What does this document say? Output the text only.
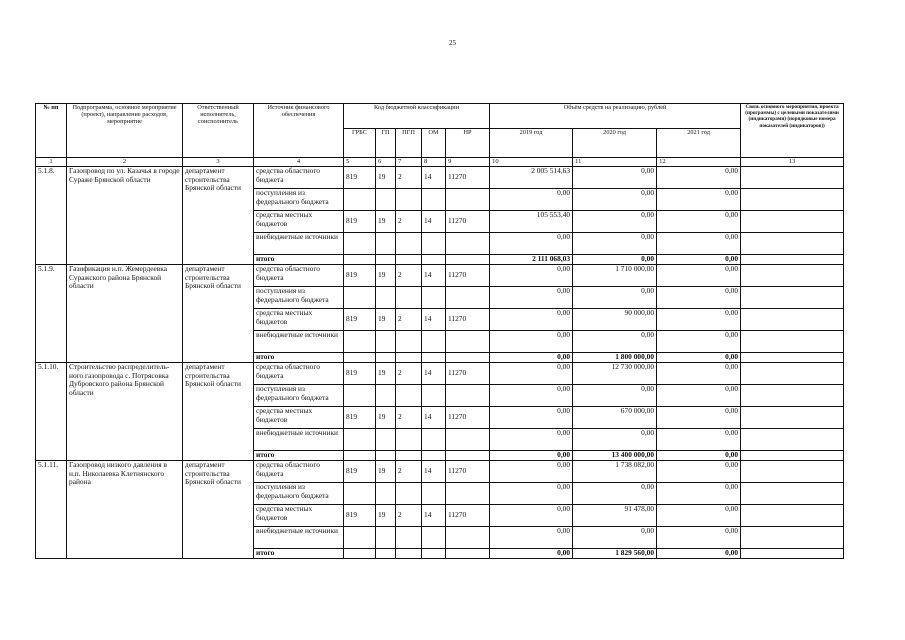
25
№ пп	Подпрограмма, основное мероприятие (проект), направление расходов, мероприятие	Ответственный исполнитель, соисполнитель	Источник финансового обеспечения	Код бюджетной классификации					Объём средств на реализацию, рублей			Связь основного мероприятия, проекта (программы) с целевыми показателями (индикаторами) (порядковые номера показателей (индикаторов))
				ГРБС	ГП	ПГП	ОМ	НР	2019 год	2020 год	2021 год	
1	2	3	4	5	6	7	8	9	10	11	12	13
5.1.8.	Газопровод по ул. Казачья в городе Сураже Брянской области	департамент строительства Брянской области	средства областного бюджета	819	19	2	14	11270	2 005 514,63	0,00	0,00	
			поступления из федерального бюджета						0,00	0,00	0,00	
			средства местных бюджетов	819	19	2	14	11270	105 553,40	0,00	0,00	
			внебюджетные источники						0,00	0,00	0,00	
			итого						2 111 068,03	0,00	0,00	
5.1.9.	Газификация н.п. Жемердеевка Суражского района Брянской области	департамент строительства Брянской области	средства областного бюджета	819	19	2	14	11270	0,00	1 710 000,00	0,00	
			поступления из федерального бюджета						0,00	0,00	0,00	
			средства местных бюджетов	819	19	2	14	11270	0,00	90 000,00	0,00	
			внебюджетные источники						0,00	0,00	0,00	
			итого						0,00	1 800 000,00	0,00	
5.1.10.	Строительство распределитель-ного газопровода с. Потрясовка Дубровского района Брянской области	департамент строительства Брянской области	средства областного бюджета	819	19	2	14	11270	0,00	12 730 000,00	0,00	
			поступления из федерального бюджета						0,00	0,00	0,00	
			средства местных бюджетов	819	19	2	14	11270	0,00	670 000,00	0,00	
			внебюджетные источники						0,00	0,00	0,00	
			итого						0,00	13 400 000,00	0,00	
5.1.11.	Газопровод низкого давления в н.п. Николаевка Клетнянского района	департамент строительства Брянской области	средства областного бюджета	819	19	2	14	11270	0,00	1 738 082,00	0,00	
			поступления из федерального бюджета						0,00	0,00	0,00	
			средства местных бюджетов	819	19	2	14	11270	0,00	91 478,00	0,00	
			внебюджетные источники						0,00	0,00	0,00	
			итого						0,00	1 829 560,00	0,00	
